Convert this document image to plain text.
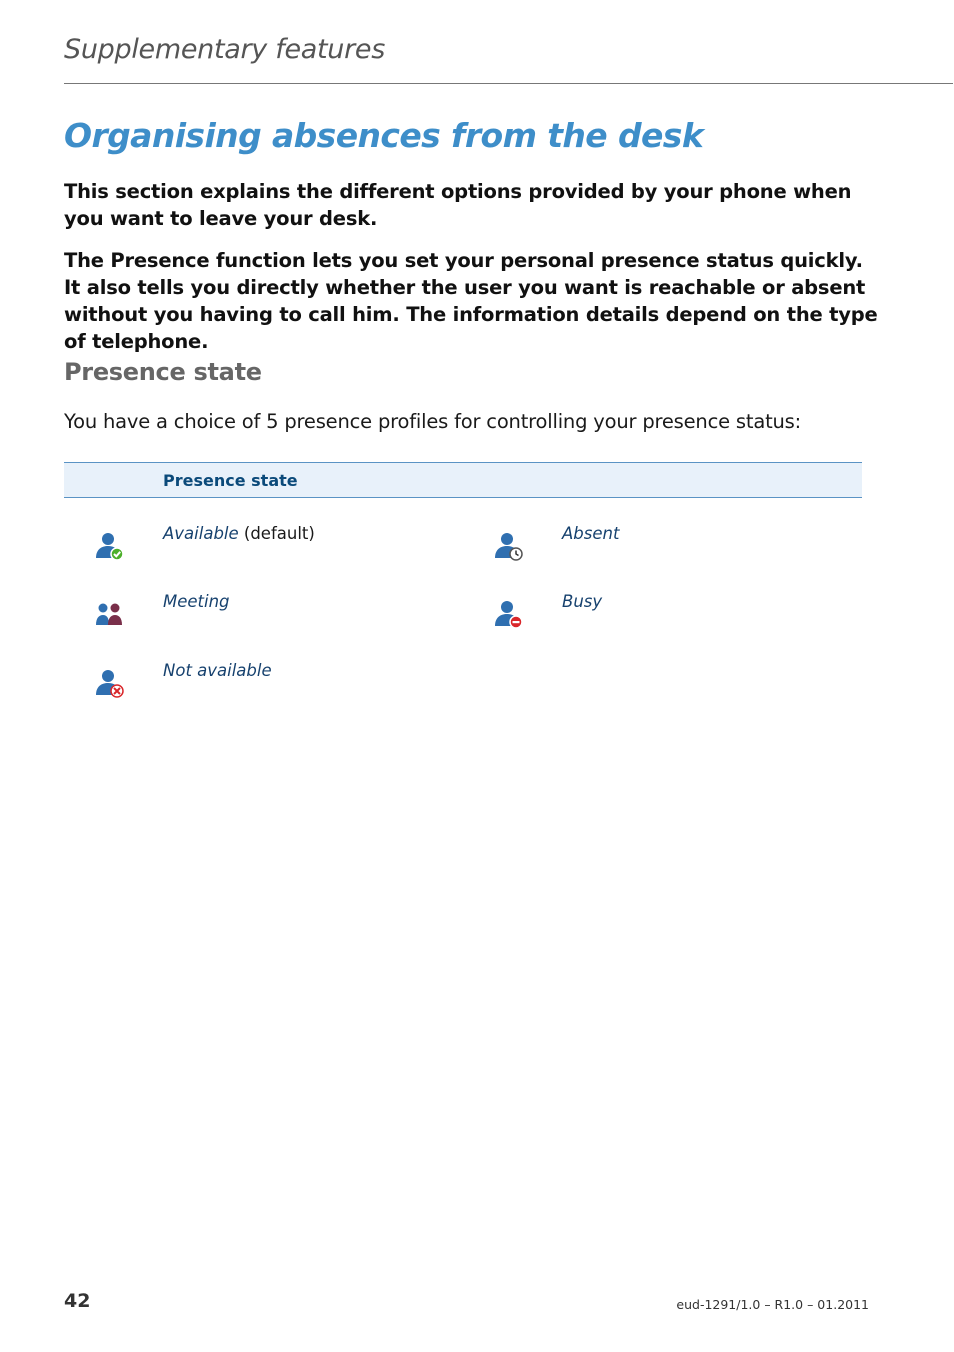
Supplementary features
Organising absences from the desk

This section explains the different options provided by your phone when you want to leave your desk.

The Presence function lets you set your personal presence status quickly. It also tells you directly whether the user you want is reachable or absent without you having to call him. The information details depend on the type of telephone.

Presence state

You have a choice of 5 presence profiles for controlling your presence status:

Presence state
Available (default)	Absent
Meeting	Busy
Not available
42	eud-1291/1.0 – R1.0 – 01.2011
